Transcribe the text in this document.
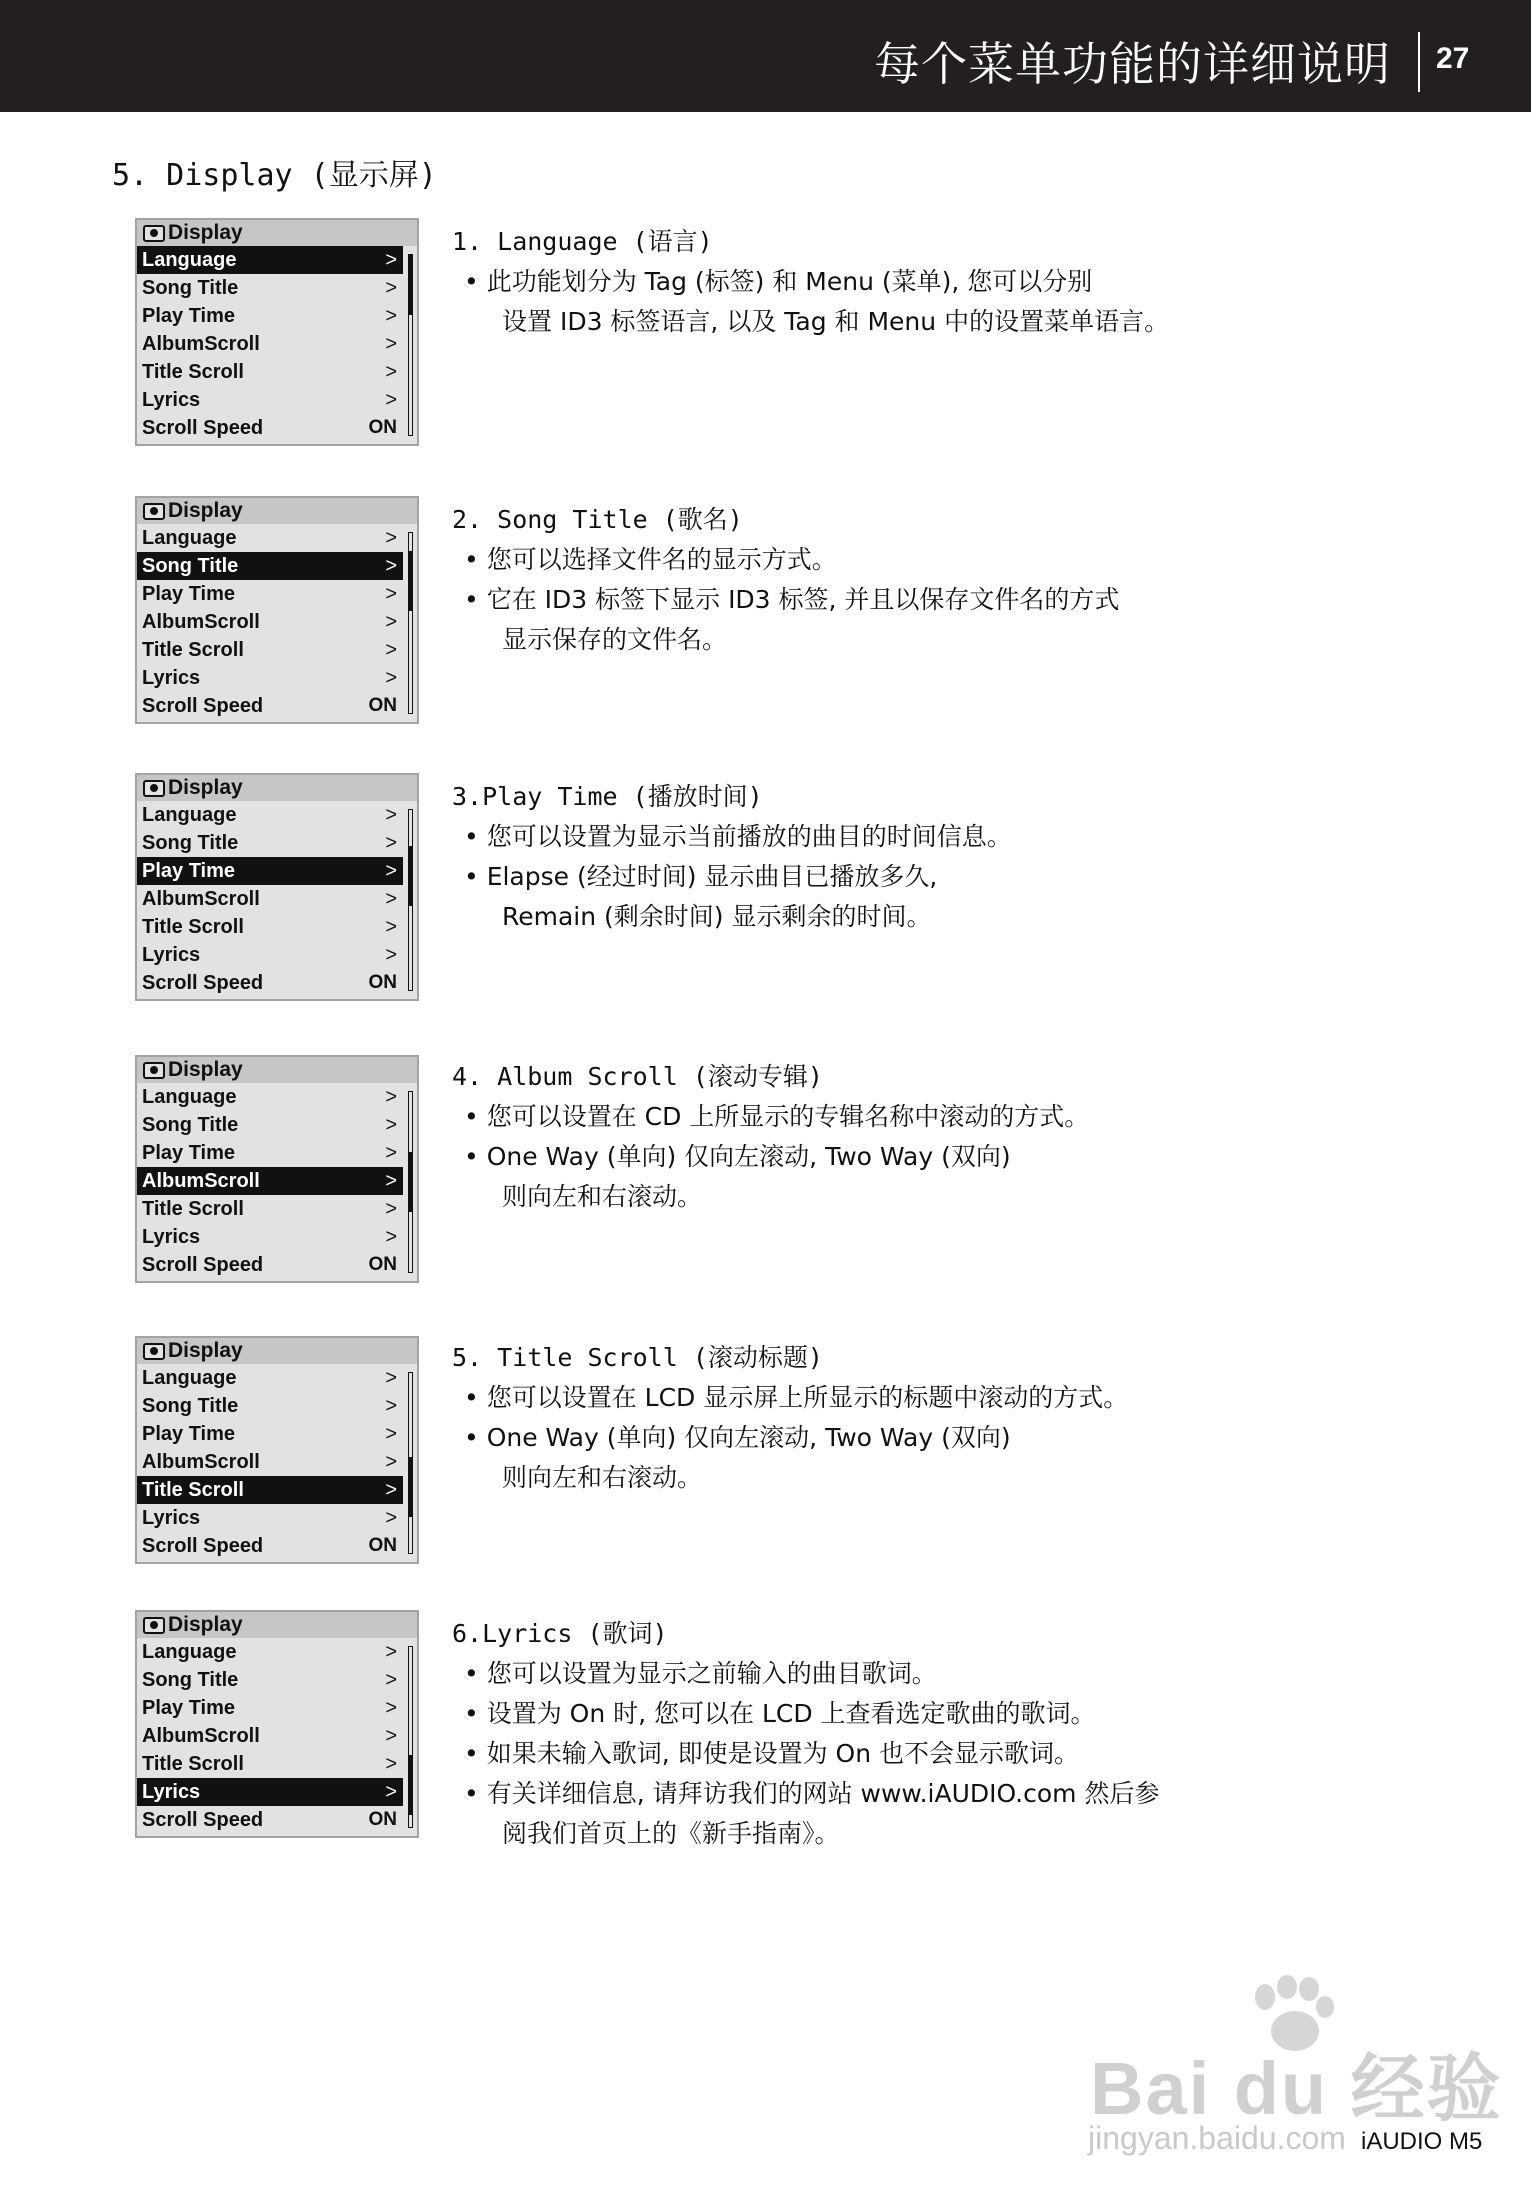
每个菜单功能的详细说明 27
5. Display (显示屏)
Display
Language	>
Song Title	>
Play Time	>
AlbumScroll	>
Title Scroll	>
Lyrics	>
Scroll Speed	ON
Display
Language	>
Song Title	>
Play Time	>
AlbumScroll	>
Title Scroll	>
Lyrics	>
Scroll Speed	ON
Display
Language	>
Song Title	>
Play Time	>
AlbumScroll	>
Title Scroll	>
Lyrics	>
Scroll Speed	ON
Display
Language	>
Song Title	>
Play Time	>
AlbumScroll	>
Title Scroll	>
Lyrics	>
Scroll Speed	ON
Display
Language	>
Song Title	>
Play Time	>
AlbumScroll	>
Title Scroll	>
Lyrics	>
Scroll Speed	ON
Display
Language	>
Song Title	>
Play Time	>
AlbumScroll	>
Title Scroll	>
Lyrics	>
Scroll Speed	ON
1. Language (语言)
• 此功能划分为 Tag (标签) 和 Menu (菜单), 您可以分别
设置 ID3 标签语言, 以及 Tag 和 Menu 中的设置菜单语言。
2. Song Title (歌名)
• 您可以选择文件名的显示方式。
• 它在 ID3 标签下显示 ID3 标签, 并且以保存文件名的方式
显示保存的文件名。
3.Play Time (播放时间)
• 您可以设置为显示当前播放的曲目的时间信息。
• Elapse (经过时间) 显示曲目已播放多久,
Remain (剩余时间) 显示剩余的时间。
4. Album Scroll (滚动专辑)
• 您可以设置在 CD 上所显示的专辑名称中滚动的方式。
• One Way (单向) 仅向左滚动, Two Way (双向)
则向左和右滚动。
5. Title Scroll (滚动标题)
• 您可以设置在 LCD 显示屏上所显示的标题中滚动的方式。
• One Way (单向) 仅向左滚动, Two Way (双向)
则向左和右滚动。
6.Lyrics (歌词)
• 您可以设置为显示之前输入的曲目歌词。
• 设置为 On 时, 您可以在 LCD 上查看选定歌曲的歌词。
• 如果未输入歌词, 即使是设置为 On 也不会显示歌词。
• 有关详细信息, 请拜访我们的网站 www.iAUDIO.com 然后参
阅我们首页上的《新手指南》。
Bai du 经验
jingyan.baidu.com iAUDIO M5
